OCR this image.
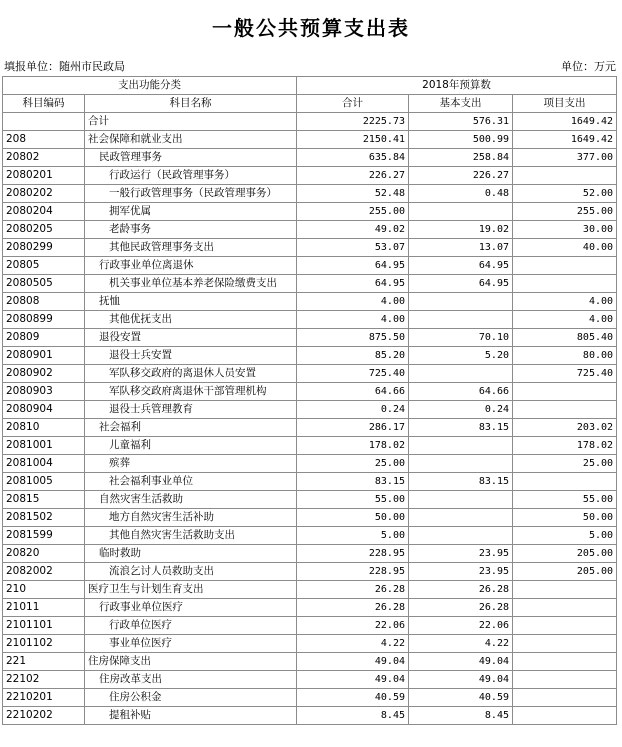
一般公共预算支出表
填报单位：随州市民政局	单位：万元
支出功能分类		2018年预算数		
科目编码	科目名称	合计	基本支出	项目支出
	合计	2225.73	576.31	1649.42
208	社会保障和就业支出	2150.41	500.99	1649.42
20802	民政管理事务	635.84	258.84	377.00
2080201	行政运行（民政管理事务）	226.27	226.27	
2080202	一般行政管理事务（民政管理事务）	52.48	0.48	52.00
2080204	拥军优属	255.00		255.00
2080205	老龄事务	49.02	19.02	30.00
2080299	其他民政管理事务支出	53.07	13.07	40.00
20805	行政事业单位离退休	64.95	64.95	
2080505	机关事业单位基本养老保险缴费支出	64.95	64.95	
20808	抚恤	4.00		4.00
2080899	其他优抚支出	4.00		4.00
20809	退役安置	875.50	70.10	805.40
2080901	退役士兵安置	85.20	5.20	80.00
2080902	军队移交政府的离退休人员安置	725.40		725.40
2080903	军队移交政府离退休干部管理机构	64.66	64.66	
2080904	退役士兵管理教育	0.24	0.24	
20810	社会福利	286.17	83.15	203.02
2081001	儿童福利	178.02		178.02
2081004	殡葬	25.00		25.00
2081005	社会福利事业单位	83.15	83.15	
20815	自然灾害生活救助	55.00		55.00
2081502	地方自然灾害生活补助	50.00		50.00
2081599	其他自然灾害生活救助支出	5.00		5.00
20820	临时救助	228.95	23.95	205.00
2082002	流浪乞讨人员救助支出	228.95	23.95	205.00
210	医疗卫生与计划生育支出	26.28	26.28	
21011	行政事业单位医疗	26.28	26.28	
2101101	行政单位医疗	22.06	22.06	
2101102	事业单位医疗	4.22	4.22	
221	住房保障支出	49.04	49.04	
22102	住房改革支出	49.04	49.04	
2210201	住房公积金	40.59	40.59	
2210202	提租补贴	8.45	8.45	
